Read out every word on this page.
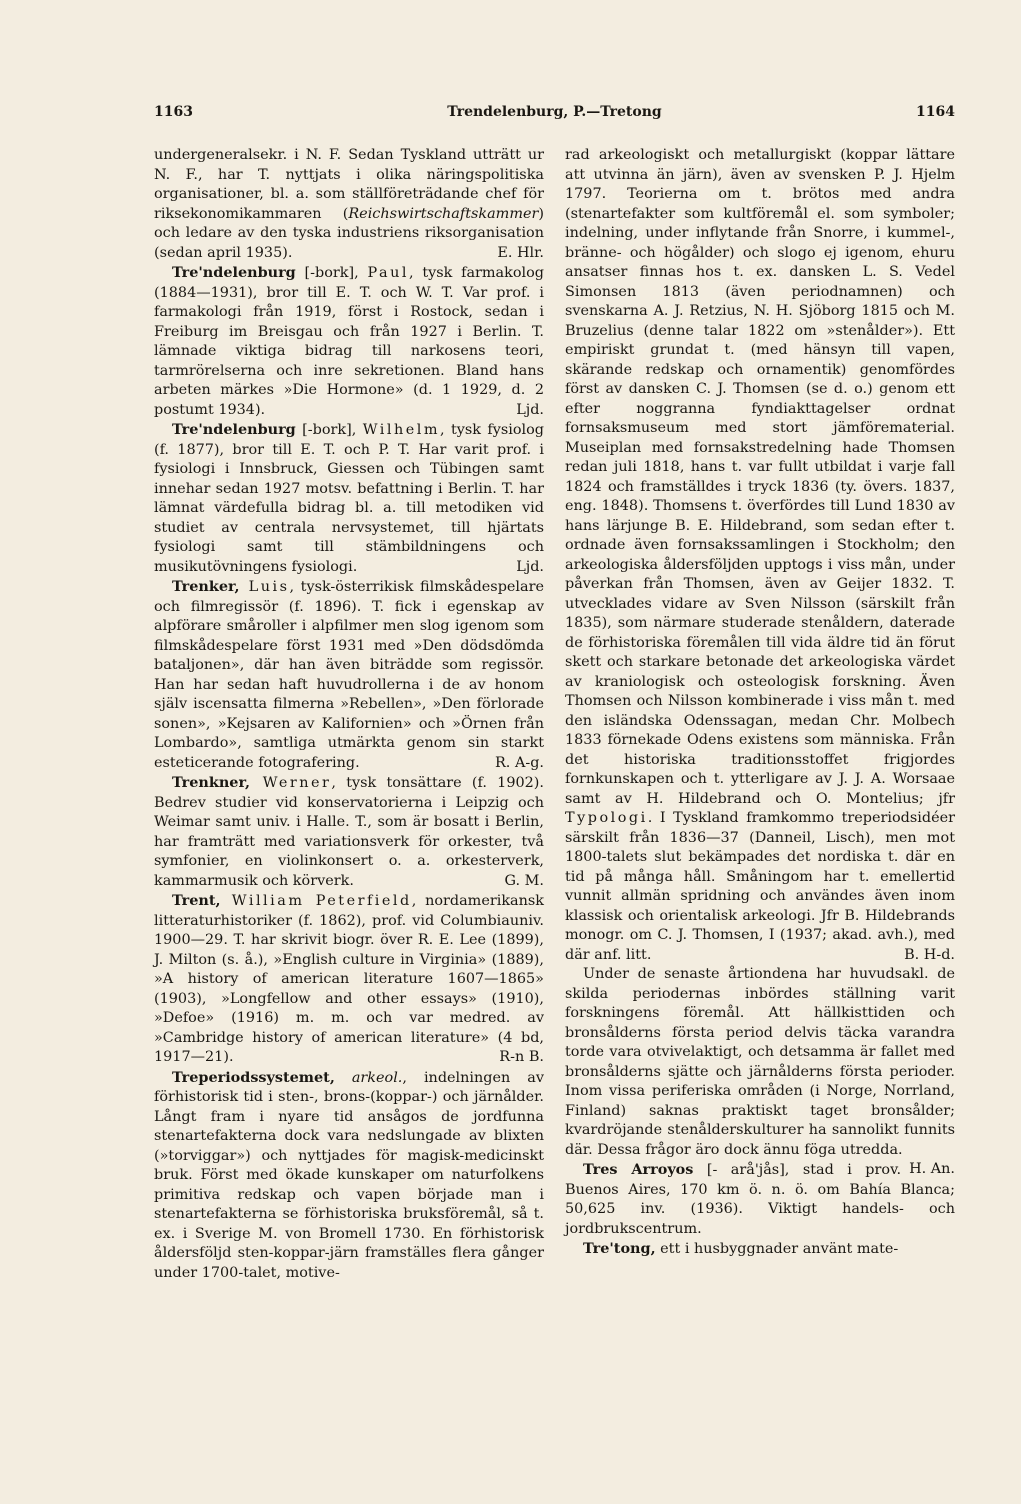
1163	Trendelenburg, P.—Tretong	1164

undergeneralsekr. i N. F. Sedan Tyskland utträtt ur N. F., har T. nyttjats i olika näringspolitiska organisationer, bl. a. som ställföreträdande chef för riksekonomikammaren (Reichswirtschaftskammer) och ledare av den tyska industriens riksorganisation (sedan april 1935).	E. Hlr.

Tre'ndelenburg [-bork], Paul, tysk farmakolog (1884—1931), bror till E. T. och W. T. Var prof. i farmakologi från 1919, först i Rostock, sedan i Freiburg im Breisgau och från 1927 i Berlin. T. lämnade viktiga bidrag till narkosens teori, tarmrörelserna och inre sekretionen. Bland hans arbeten märkes »Die Hormone» (d. 1 1929, d. 2 postumt 1934).	Ljd.

Tre'ndelenburg [-bork], Wilhelm, tysk fysiolog (f. 1877), bror till E. T. och P. T. Har varit prof. i fysiologi i Innsbruck, Giessen och Tübingen samt innehar sedan 1927 motsv. befattning i Berlin. T. har lämnat värdefulla bidrag bl. a. till metodiken vid studiet av centrala nervsystemet, till hjärtats fysiologi samt till stämbildningens och musikutövningens fysiologi.	Ljd.

Trenker, Luis, tysk-österrikisk filmskådespelare och filmregissör (f. 1896). T. fick i egenskap av alpförare småroller i alpfilmer men slog igenom som filmskådespelare först 1931 med »Den dödsdömda bataljonen», där han även biträdde som regissör. Han har sedan haft huvudrollerna i de av honom själv iscensatta filmerna »Rebellen», »Den förlorade sonen», »Kejsaren av Kalifornien» och »Örnen från Lombardo», samtliga utmärkta genom sin starkt esteticerande fotografering.	R. A-g.

Trenkner, Werner, tysk tonsättare (f. 1902). Bedrev studier vid konservatorierna i Leipzig och Weimar samt univ. i Halle. T., som är bosatt i Berlin, har framträtt med variationsverk för orkester, två symfonier, en violinkonsert o. a. orkesterverk, kammarmusik och körverk.	G. M.

Trent, William Peterfield, nordamerikansk litteraturhistoriker (f. 1862), prof. vid Columbiauniv. 1900—29. T. har skrivit biogr. över R. E. Lee (1899), J. Milton (s. å.), »English culture in Virginia» (1889), »A history of american literature 1607—1865» (1903), »Longfellow and other essays» (1910), »Defoe» (1916) m. m. och var medred. av »Cambridge history of american literature» (4 bd, 1917—21).	R-n B.

Treperiodssystemet, arkeol., indelningen av förhistorisk tid i sten-, brons-(koppar-) och järnålder. Långt fram i nyare tid ansågos de jordfunna stenartefakterna dock vara nedslungade av blixten (»torviggar») och nyttjades för magisk-medicinskt bruk. Först med ökade kunskaper om naturfolkens primitiva redskap och vapen började man i stenartefakterna se förhistoriska bruksföremål, så t. ex. i Sverige M. von Bromell 1730. En förhistorisk åldersföljd sten-koppar-järn framställes flera gånger under 1700-talet, motive-

rad arkeologiskt och metallurgiskt (koppar lättare att utvinna än järn), även av svensken P. J. Hjelm 1797. Teorierna om t. brötos med andra (stenartefakter som kultföremål el. som symboler; indelning, under inflytande från Snorre, i kummel-, bränne- och högålder) och slogo ej igenom, ehuru ansatser finnas hos t. ex. dansken L. S. Vedel Simonsen 1813 (även periodnamnen) och svenskarna A. J. Retzius, N. H. Sjöborg 1815 och M. Bruzelius (denne talar 1822 om »stenålder»). Ett empiriskt grundat t. (med hänsyn till vapen, skärande redskap och ornamentik) genomfördes först av dansken C. J. Thomsen (se d. o.) genom ett efter noggranna fyndiakttagelser ordnat fornsaksmuseum med stort jämförematerial. Museiplan med fornsakstredelning hade Thomsen redan juli 1818, hans t. var fullt utbildat i varje fall 1824 och framställdes i tryck 1836 (ty. övers. 1837, eng. 1848). Thomsens t. överfördes till Lund 1830 av hans lärjunge B. E. Hildebrand, som sedan efter t. ordnade även fornsakssamlingen i Stockholm; den arkeologiska åldersföljden upptogs i viss mån, under påverkan från Thomsen, även av Geijer 1832. T. utvecklades vidare av Sven Nilsson (särskilt från 1835), som närmare studerade stenåldern, daterade de förhistoriska föremålen till vida äldre tid än förut skett och starkare betonade det arkeologiska värdet av kraniologisk och osteologisk forskning. Även Thomsen och Nilsson kombinerade i viss mån t. med den isländska Odenssagan, medan Chr. Molbech 1833 förnekade Odens existens som människa. Från det historiska traditionsstoffet frigjordes fornkunskapen och t. ytterligare av J. J. A. Worsaae samt av H. Hildebrand och O. Montelius; jfr Typologi. I Tyskland framkommo treperiodsidéer särskilt från 1836—37 (Danneil, Lisch), men mot 1800-talets slut bekämpades det nordiska t. där en tid på många håll. Småningom har t. emellertid vunnit allmän spridning och användes även inom klassisk och orientalisk arkeologi. Jfr B. Hildebrands monogr. om C. J. Thomsen, I (1937; akad. avh.), med där anf. litt.	B. H-d.

Under de senaste årtiondena har huvudsakl. de skilda periodernas inbördes ställning varit forskningens föremål. Att hällkisttiden och bronsålderns första period delvis täcka varandra torde vara otvivelaktigt, och detsamma är fallet med bronsålderns sjätte och järnålderns första perioder. Inom vissa periferiska områden (i Norge, Norrland, Finland) saknas praktiskt taget bronsålder; kvardröjande stenålderskulturer ha sannolikt funnits där. Dessa frågor äro dock ännu föga utredda.
H. An.

Tres Arroyos [- arå'jås], stad i prov. Buenos Aires, 170 km ö. n. ö. om Bahía Blanca; 50,625 inv. (1936). Viktigt handels- och jordbrukscentrum.

Tre'tong, ett i husbyggnader använt mate-
